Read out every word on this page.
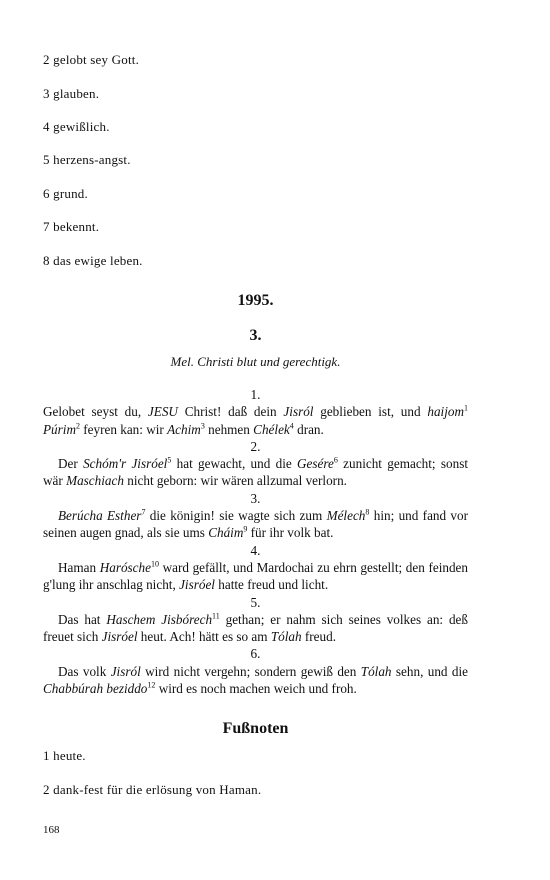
2 gelobt sey Gott.
3 glauben.
4 gewißlich.
5 herzens-angst.
6 grund.
7 bekennt.
8 das ewige leben.
1995.
3.
Mel. Christi blut und gerechtigk.
1.
Gelobet seyst du, JESU Christ! daß dein Jisról geblieben ist, und haijom$^1$ Púrim$^2$ feyren kan: wir Achim$^3$ nehmen Chélek$^4$ dran.
2.
Der Schóm'r Jisróel$^5$ hat gewacht, und die Gesére$^6$ zunicht gemacht; sonst wär Maschiach nicht geborn: wir wären allzumal verlorn.
3.
Berúcha Esther$^7$ die königin! sie wagte sich zum Mélech$^8$ hin; und fand vor seinen augen gnad, als sie ums Cháim$^9$ für ihr volk bat.
4.
Haman Harósche$^{10}$ ward gefällt, und Mardochai zu ehrn gestellt; den feinden g'lung ihr anschlag nicht, Jisróel hatte freud und licht.
5.
Das hat Haschem Jisbórech$^{11}$ gethan; er nahm sich seines volkes an: deß freuet sich Jisróel heut. Ach! hätt es so am Tólah freud.
6.
Das volk Jisról wird nicht vergehn; sondern gewiß den Tólah sehn, und die Chabbúrah beziddo$^{12}$ wird es noch machen weich und froh.
Fußnoten
1 heute.
2 dank-fest für die erlösung von Haman.
168
